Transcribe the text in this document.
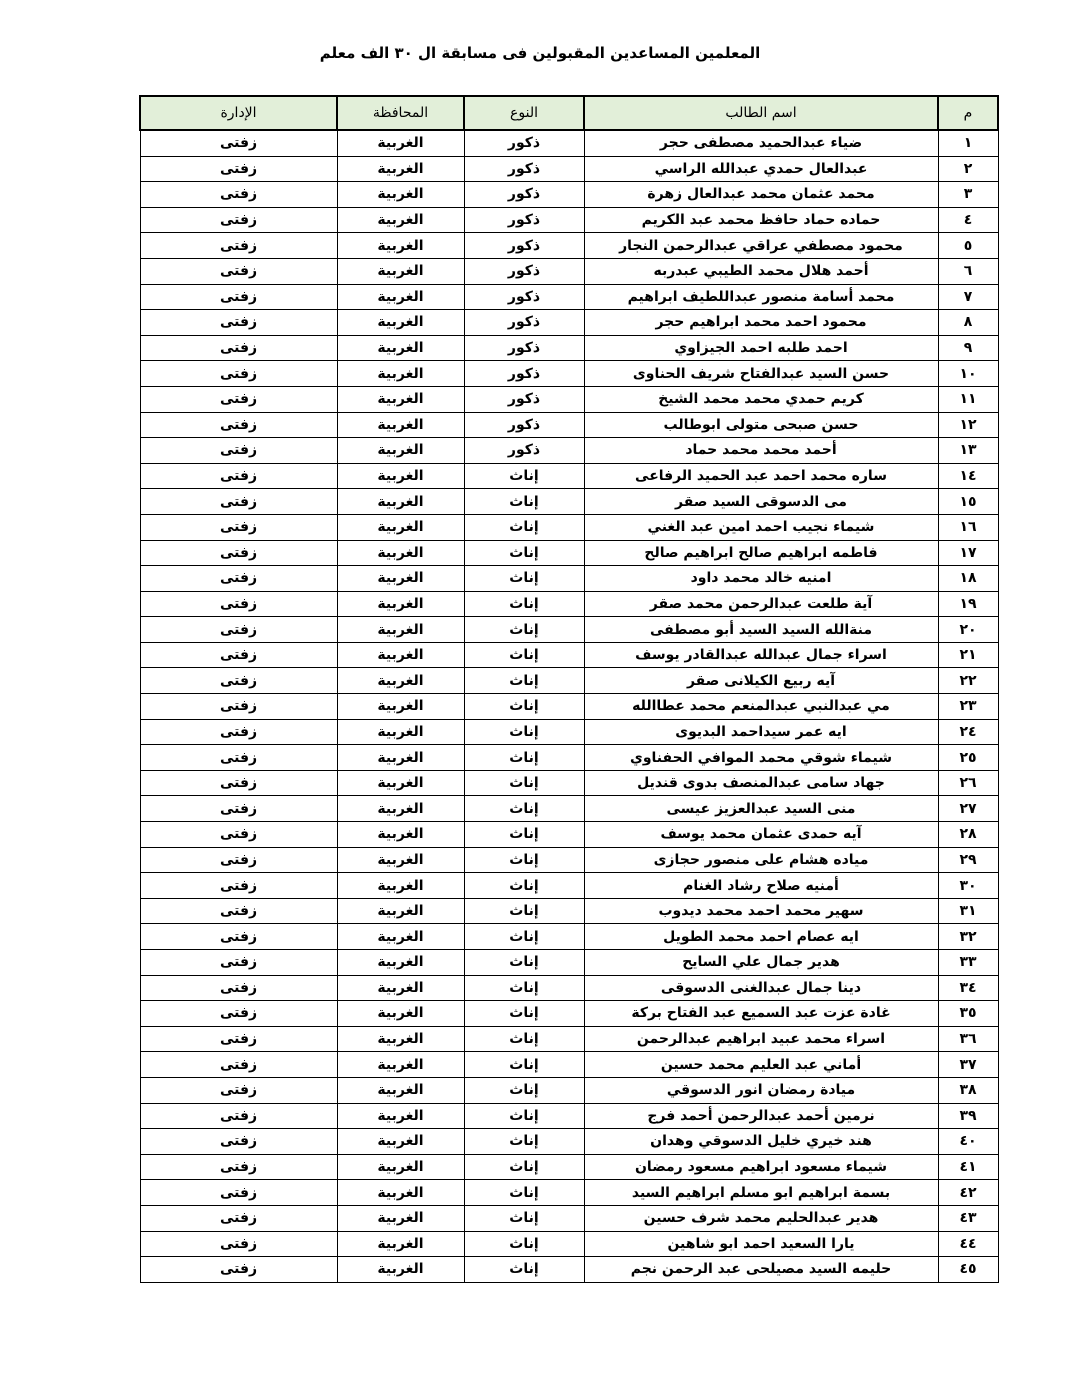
المعلمين المساعدين المقبولين فى مسابقة ال ٣٠ الف معلم
م	اسم الطالب	النوع	المحافظة	الإدارة
١	ضياء عبدالحميد مصطفى حجر	ذكور	الغربية	زفتى
٢	عبدالعال حمدي عبدالله الراسي	ذكور	الغربية	زفتى
٣	محمد عثمان محمد عبدالعال زهرة	ذكور	الغربية	زفتى
٤	حماده حماد حافظ محمد عبد الكريم	ذكور	الغربية	زفتى
٥	محمود مصطفي عراقي عبدالرحمن النجار	ذكور	الغربية	زفتى
٦	أحمد هلال محمد الطيبي عبدربه	ذكور	الغربية	زفتى
٧	محمد أسامة منصور عبداللطيف ابراهيم	ذكور	الغربية	زفتى
٨	محمود احمد محمد ابراهيم حجر	ذكور	الغربية	زفتى
٩	احمد طلبه احمد الجيزاوي	ذكور	الغربية	زفتى
١٠	حسن السيد عبدالفتاح شريف الحناوى	ذكور	الغربية	زفتى
١١	كريم حمدي محمد محمد الشيخ	ذكور	الغربية	زفتى
١٢	حسن صبحى متولى ابوطالب	ذكور	الغربية	زفتى
١٣	أحمد محمد محمد حماد	ذكور	الغربية	زفتى
١٤	ساره محمد احمد عبد الحميد الرفاعى	إناث	الغربية	زفتى
١٥	مى الدسوقى السيد صقر	إناث	الغربية	زفتى
١٦	شيماء نجيب احمد امين عبد الغني	إناث	الغربية	زفتى
١٧	فاطمه ابراهيم صالح ابراهيم صالح	إناث	الغربية	زفتى
١٨	امنيه خالد محمد داود	إناث	الغربية	زفتى
١٩	آية طلعت عبدالرحمن محمد صقر	إناث	الغربية	زفتى
٢٠	منةالله السيد السيد أبو مصطفى	إناث	الغربية	زفتى
٢١	اسراء جمال عبدالله عبدالقادر يوسف	إناث	الغربية	زفتى
٢٢	آيه ربيع الكيلانى صقر	إناث	الغربية	زفتى
٢٣	مي عبدالنبي عبدالمنعم محمد عطاالله	إناث	الغربية	زفتى
٢٤	ايه عمر سيداحمد البديوى	إناث	الغربية	زفتى
٢٥	شيماء شوقي محمد الموافي الحفناوي	إناث	الغربية	زفتى
٢٦	جهاد سامى عبدالمنصف بدوى قنديل	إناث	الغربية	زفتى
٢٧	منى السيد عبدالعزيز عيسى	إناث	الغربية	زفتى
٢٨	آيه حمدى عثمان محمد يوسف	إناث	الغربية	زفتى
٢٩	مياده هشام على منصور حجازى	إناث	الغربية	زفتى
٣٠	أمنيه صلاح رشاد الغنام	إناث	الغربية	زفتى
٣١	سهير محمد احمد محمد ديدوب	إناث	الغربية	زفتى
٣٢	ايه عصام احمد محمد الطويل	إناث	الغربية	زفتى
٣٣	هدير جمال علي السايح	إناث	الغربية	زفتى
٣٤	دينا جمال عبدالغنى الدسوقى	إناث	الغربية	زفتى
٣٥	غادة عزت عبد السميع عبد الفتاح بركة	إناث	الغربية	زفتى
٣٦	اسراء محمد عبيد ابراهيم عبدالرحمن	إناث	الغربية	زفتى
٣٧	أماني عبد العليم محمد حسين	إناث	الغربية	زفتى
٣٨	ميادة رمضان انور الدسوقي	إناث	الغربية	زفتى
٣٩	نرمين أحمد عبدالرحمن أحمد فرج	إناث	الغربية	زفتى
٤٠	هند خيري خليل الدسوقي وهدان	إناث	الغربية	زفتى
٤١	شيماء مسعود ابراهيم مسعود رمضان	إناث	الغربية	زفتى
٤٢	بسمة ابراهيم ابو مسلم ابراهيم السيد	إناث	الغربية	زفتى
٤٣	هدير عبدالحليم محمد شرف حسين	إناث	الغربية	زفتى
٤٤	يارا السعيد احمد ابو شاهين	إناث	الغربية	زفتى
٤٥	حليمه السيد مصيلحى عبد الرحمن نجم	إناث	الغربية	زفتى
